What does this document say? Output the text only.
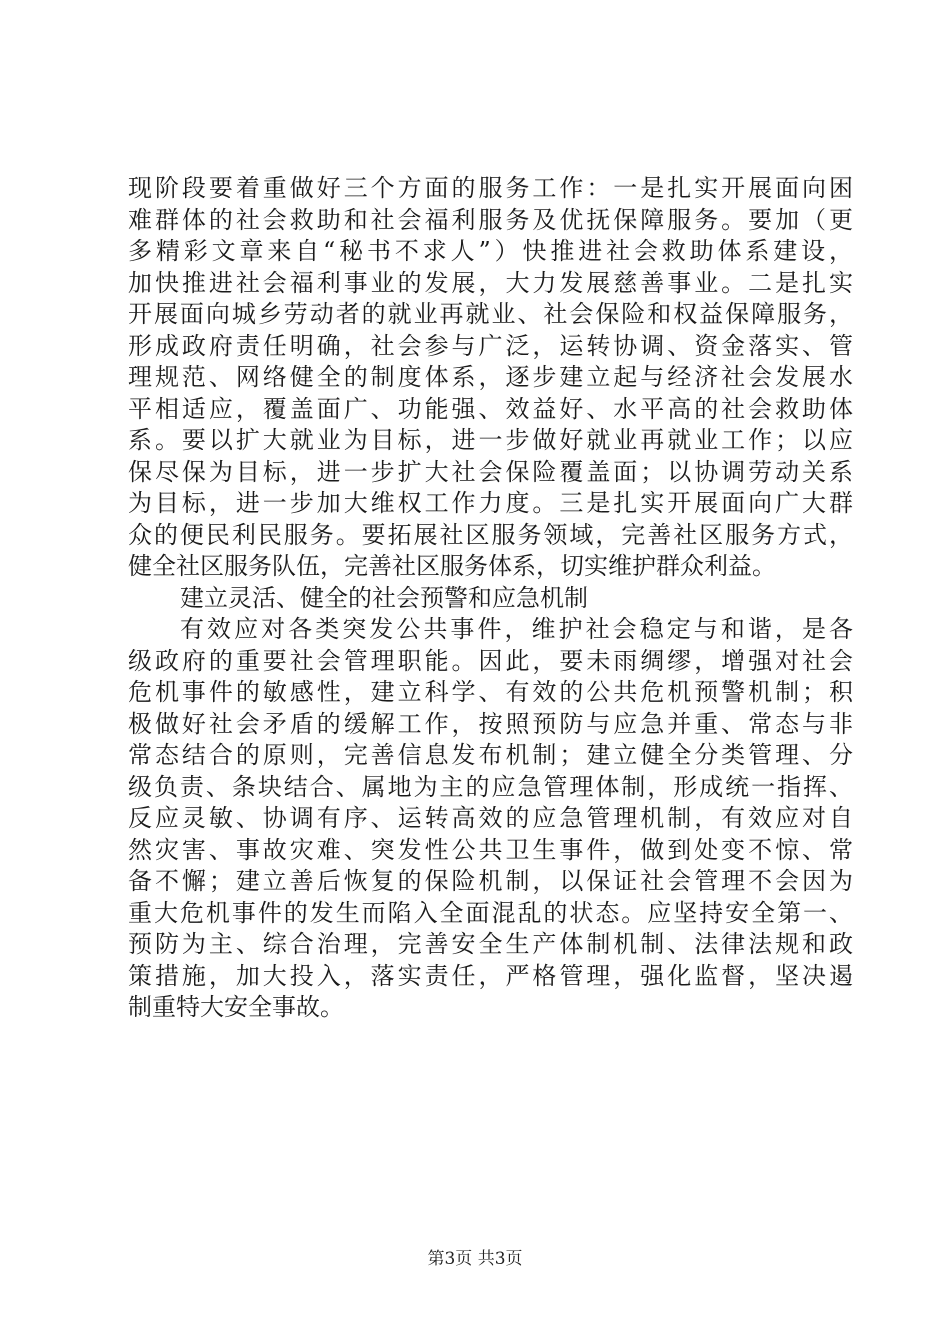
现阶段要着重做好三个方面的服务工作：一是扎实开展面向困
难群体的社会救助和社会福利服务及优抚保障服务。要加（更
多精彩文章来自“秘书不求人”）快推进社会救助体系建设，
加快推进社会福利事业的发展，大力发展慈善事业。二是扎实
开展面向城乡劳动者的就业再就业、社会保险和权益保障服务，
形成政府责任明确，社会参与广泛，运转协调、资金落实、管
理规范、网络健全的制度体系，逐步建立起与经济社会发展水
平相适应，覆盖面广、功能强、效益好、水平高的社会救助体
系。要以扩大就业为目标，进一步做好就业再就业工作；以应
保尽保为目标，进一步扩大社会保险覆盖面；以协调劳动关系
为目标，进一步加大维权工作力度。三是扎实开展面向广大群
众的便民利民服务。要拓展社区服务领域，完善社区服务方式，
健全社区服务队伍，完善社区服务体系，切实维护群众利益。
建立灵活、健全的社会预警和应急机制
有效应对各类突发公共事件，维护社会稳定与和谐，是各
级政府的重要社会管理职能。因此，要未雨绸缪，增强对社会
危机事件的敏感性，建立科学、有效的公共危机预警机制；积
极做好社会矛盾的缓解工作，按照预防与应急并重、常态与非
常态结合的原则，完善信息发布机制；建立健全分类管理、分
级负责、条块结合、属地为主的应急管理体制，形成统一指挥、
反应灵敏、协调有序、运转高效的应急管理机制，有效应对自
然灾害、事故灾难、突发性公共卫生事件，做到处变不惊、常
备不懈；建立善后恢复的保险机制，以保证社会管理不会因为
重大危机事件的发生而陷入全面混乱的状态。应坚持安全第一、
预防为主、综合治理，完善安全生产体制机制、法律法规和政
策措施，加大投入，落实责任，严格管理，强化监督，坚决遏
制重特大安全事故。
第3页 共3页
